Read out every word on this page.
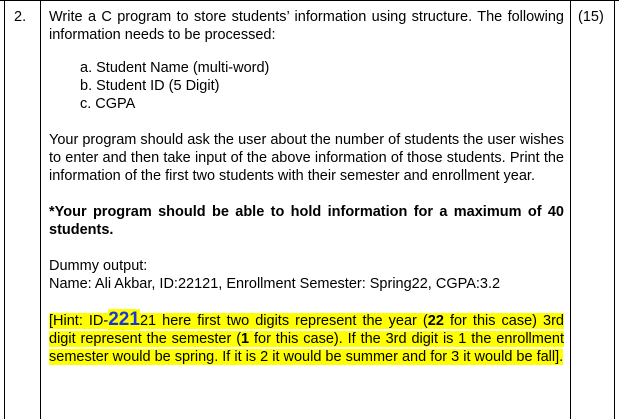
2.	(15)

Write a C program to store students’ information using structure. The following information needs to be processed:

a. Student Name (multi-word)
b. Student ID (5 Digit)
c. CGPA

Your program should ask the user about the number of students the user wishes to enter and then take input of the above information of those students. Print the information of the first two students with their semester and enrollment year.

*Your program should be able to hold information for a maximum of 40 students.

Dummy output:

Name: Ali Akbar, ID:22121, Enrollment Semester: Spring22, CGPA:3.2

[Hint: ID-22121 here first two digits represent the year (22 for this case) 3rd digit represent the semester (1 for this case). If the 3rd digit is 1 the enrollment semester would be spring. If it is 2 it would be summer and for 3 it would be fall].
